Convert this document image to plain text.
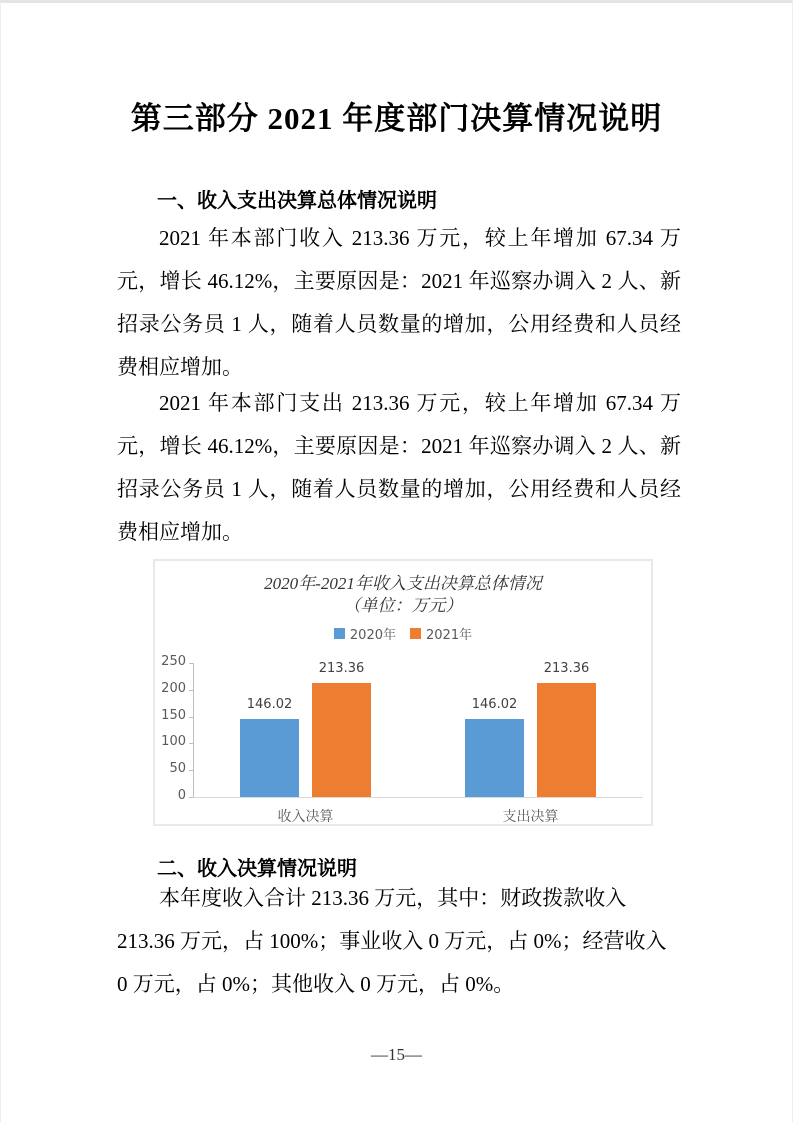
第三部分 2021 年度部门决算情况说明
一、收入支出决算总体情况说明

2021 年本部门收入 213.36 万元，较上年增加 67.34 万元，增长 46.12%，主要原因是：2021 年巡察办调入 2 人、新招录公务员 1 人，随着人员数量的增加，公用经费和人员经费相应增加。

2021 年本部门支出 213.36 万元，较上年增加 67.34 万元，增长 46.12%，主要原因是：2021 年巡察办调入 2 人、新招录公务员 1 人，随着人员数量的增加，公用经费和人员经费相应增加。

2020年-2021年收入支出决算总体情况
（单位：万元）
2020年 2021年
0
50
100
150
200
250
收入决算
146.02
213.36
支出决算
146.02
213.36
二、收入决算情况说明

本年度收入合计 213.36 万元，其中：财政拨款收入 213.36 万元，占 100%；事业收入 0 万元，占 0%；经营收入 0 万元，占 0%；其他收入 0 万元，占 0%。

—15—
